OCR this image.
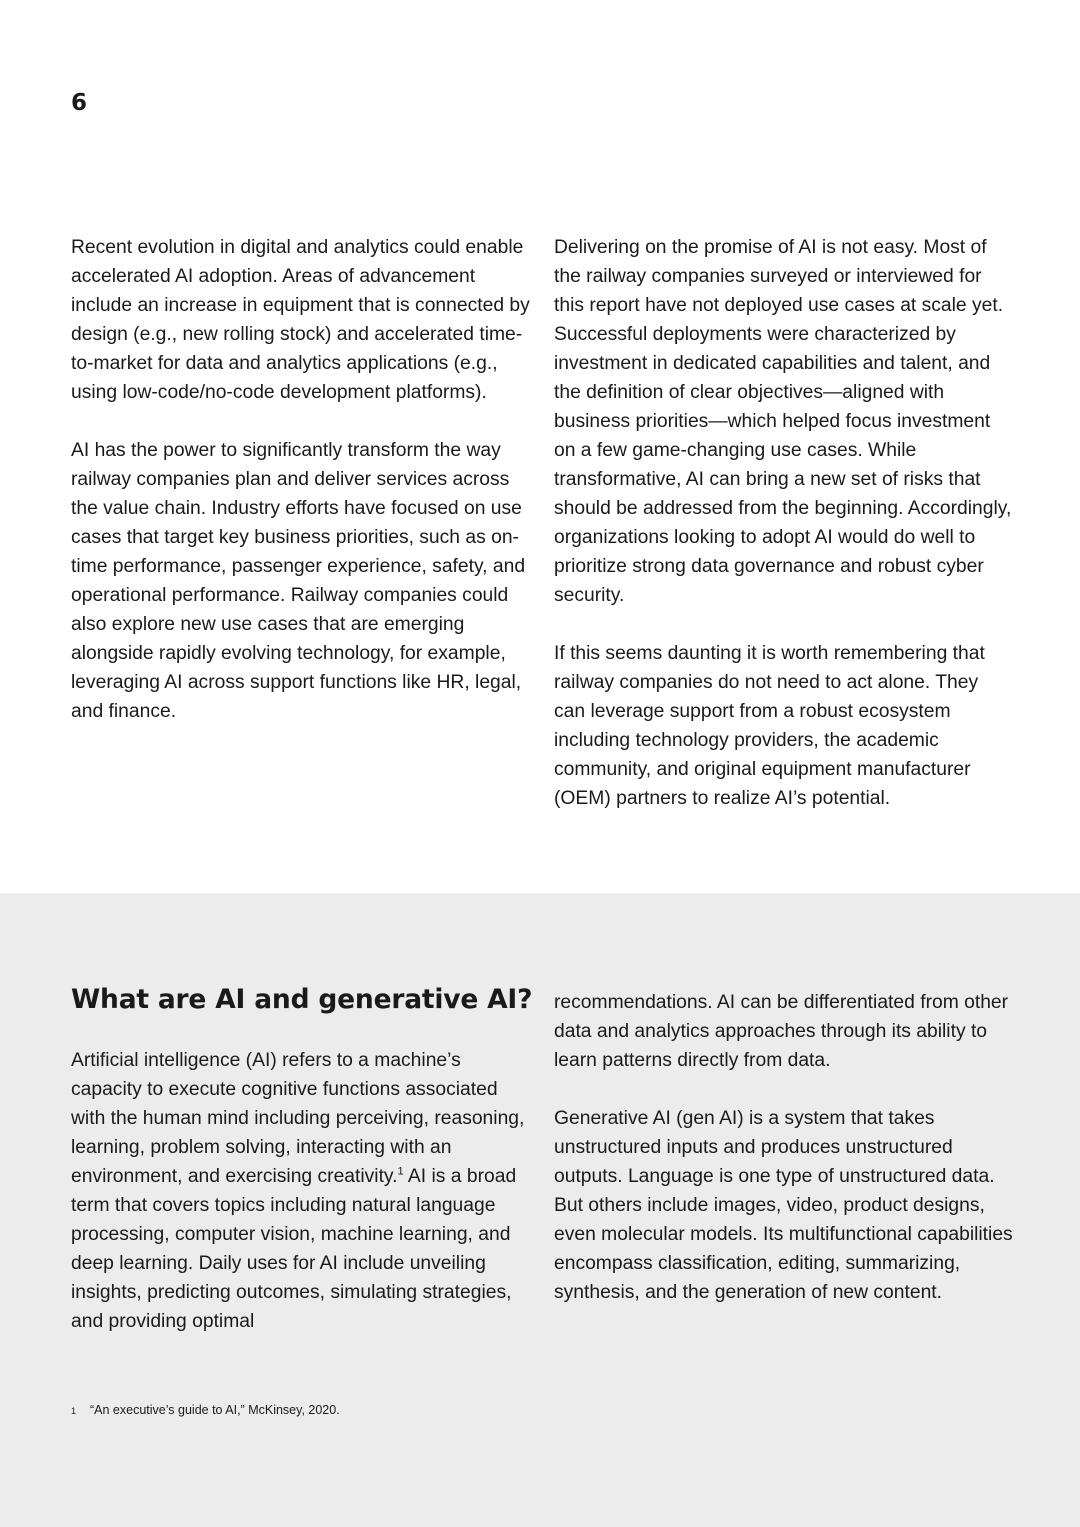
6

Recent evolution in digital and analytics could enable accelerated AI adoption. Areas of advancement include an increase in equipment that is connected by design (e.g., new rolling stock) and accelerated time-to-market for data and analytics applications (e.g., using low-code/no-code development platforms).

AI has the power to significantly transform the way railway companies plan and deliver services across the value chain. Industry efforts have focused on use cases that target key business priorities, such as on-time performance, passenger experience, safety, and operational performance. Railway companies could also explore new use cases that are emerging alongside rapidly evolving technology, for example, leveraging AI across support functions like HR, legal, and finance.

Delivering on the promise of AI is not easy. Most of the railway companies surveyed or interviewed for this report have not deployed use cases at scale yet. Successful deployments were characterized by investment in dedicated capabilities and talent, and the definition of clear objectives—aligned with business priorities—which helped focus investment on a few game-changing use cases. While transformative, AI can bring a new set of risks that should be addressed from the beginning. Accordingly, organizations looking to adopt AI would do well to prioritize strong data governance and robust cyber security.

If this seems daunting it is worth remembering that railway companies do not need to act alone. They can leverage support from a robust ecosystem including technology providers, the academic community, and original equipment manufacturer (OEM) partners to realize AI’s potential.

What are AI and generative AI?

Artificial intelligence (AI) refers to a machine’s capacity to execute cognitive functions associated with the human mind including perceiving, reasoning, learning, problem solving, interacting with an environment, and exercising creativity.$^1$ AI is a broad term that covers topics including natural language processing, computer vision, machine learning, and deep learning. Daily uses for AI include unveiling insights, predicting outcomes, simulating strategies, and providing optimal

recommendations. AI can be differentiated from other data and analytics approaches through its ability to learn patterns directly from data.

Generative AI (gen AI) is a system that takes unstructured inputs and produces unstructured outputs. Language is one type of unstructured data. But others include images, video, product designs, even molecular models. Its multifunctional capabilities encompass classification, editing, summarizing, synthesis, and the generation of new content.

1	“An executive’s guide to AI,” McKinsey, 2020.
